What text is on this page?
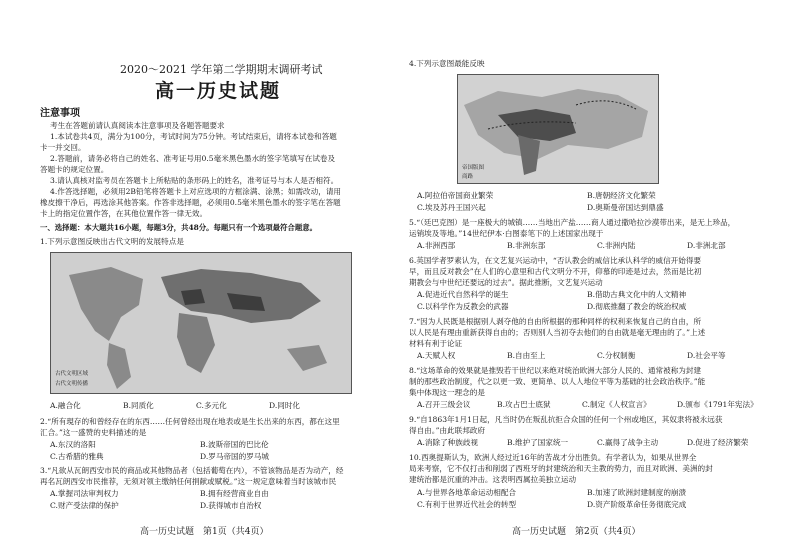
2020～2021 学年第二学期期末调研考试
高一历史试题
注意事项
考生在答题前请认真阅读本注意事项及各题答题要求
1.本试卷共4页，满分为100分，考试时间为75分钟。考试结束后，请将本试卷和答题
卡一并交回。
2.答题前，请务必将自己的姓名、准考证号用0.5毫米黑色墨水的签字笔填写在试卷及
答题卡的规定位置。
3.请认真核对监考员在答题卡上所粘贴的条形码上的姓名，准考证号与本人是否相符。
4.作答选择题，必须用2B铅笔将答题卡上对应选项的方框涂满、涂黑；如需改动，请用
橡皮擦干净后，再选涂其他答案。作答非选择题，必须用0.5毫米黑色墨水的签字笔在答题
卡上的指定位置作答，在其他位置作答一律无效。
一、选择题：本大题共16小题，每题3分，共48分。每题只有一个选项最符合题意。
1.下列示意图反映出古代文明的发展特点是
古代文明区域
古代文明传播
A.融合化	B.同质化	C.多元化	D.同时化
2.“所有現存的和曾经存在的东西……任何曾经出现在地表或是生长出来的东西，都在这里
汇合。”这一盛赞的史料描述的是
A.东汉的洛阳	B.波斯帝国的巴比伦
C.古希腊的雅典	D.罗马帝国的罗马城
3.“凡欲从瓦朗西安市民的商品或其他物品者（包括葡萄在内），不管该物品是否为动产，经
再名瓦朗西安市民推荐，无须对领主缴纳任何捐献或赋税。”这一规定意味着当时该城市民
A.掌握司法审判权力	B.拥有经营商业自由
C.财产受法律的保护	D.获得城市自治权
高一历史试题　第1页（共4页）
4.下列示意图最能反映
帝国版图
商路
A.阿拉伯帝国商业繁荣	B.唐朝经济文化繁荣
C.埃及苏丹王国兴起	D.奥斯曼帝国达到鼎盛
5.“（廷巴克图）是一座极大的城镇……当地出产盐……商人通过撒哈拉沙漠带出来，是无上珍品，
运销埃及等地。”14世纪伊本·白图泰笔下的上述国家出现于
A.非洲西部	B.非洲东部	C.非洲内陆	D.非洲北部
6.英国学者罗素认为，在文艺复兴运动中，“否认教会的威信比承认科学的威信开始得要
早，而且反对教会”在人们的心意里和古代文明分不开，仰慕的印迹是过去，然而是比初
期教会与中世纪还要远的过去”。据此推断，文艺复兴运动
A.促进近代自然科学的诞生	B.借助古典文化中的人文精神
C.以科学作为反教会的武器	D.彻底推翻了教会的统治权威
7.“因为人民既是根据别人剥夺他的自由所根据的那种同样的权利来恢复自己的自由，所
以人民是有理由重新获得自由的；否则别人当初夺去他们的自由就是毫无理由的了。”上述
材料有利于论证
A.天赋人权	B.自由至上	C.分权制衡	D.社会平等
8.“这场革命的效果就是推毁若干世纪以来绝对统治欧洲大部分人民的、通常被称为封建
制的那些政治制度，代之以更一致、更简单、以人人地位平等为基础的社会政治秩序。”能
集中体现这一理念的是
A.召开三级会议	B.攻占巴士底狱	C.制定《人权宣言》	D.颁布《1791年宪法》
9.“自1863年1月1日起，凡当时仍在叛乱抗拒合众国的任何一个州或地区，其奴隶将被永远获
得自由。”由此联邦政府
A.消除了种族歧视	B.维护了国家统一	C.赢得了战争主动	D.促进了经济繁荣
10.西奥提斯认为，欧洲人经过近16年的苦战才分出胜负。有学者认为，如果从世界全
局来考察，它不仅打击和削弱了西班牙的封建统治和天主教的势力，而且对欧洲、美洲的封
建统治都是沉重的冲击。这表明西属拉美独立运动
A.与世界各地革命运动相配合	B.加速了欧洲封建制度的崩溃
C.有利于世界近代社会的转型	D.资产阶级革命任务彻底完成
高一历史试题　第2页（共4页）
